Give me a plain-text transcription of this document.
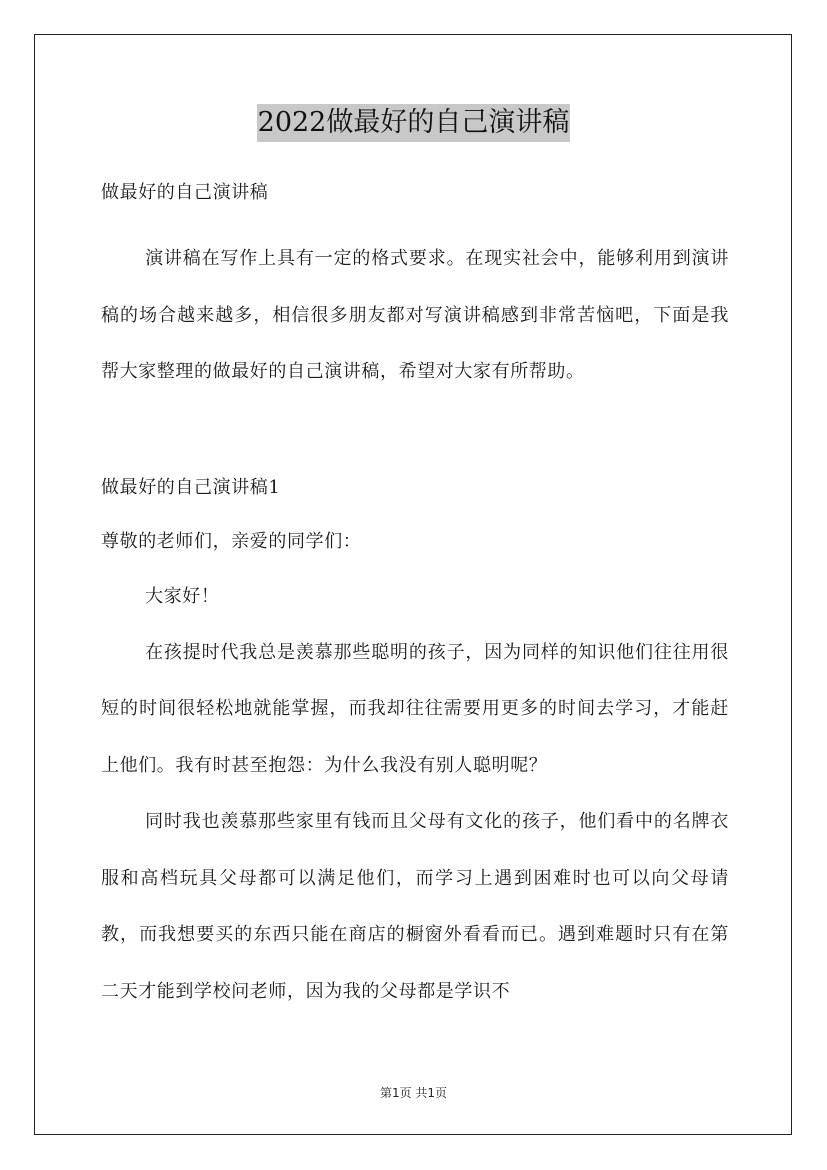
2022做最好的自己演讲稿
做最好的自己演讲稿

演讲稿在写作上具有一定的格式要求。在现实社会中，能够利用到演讲稿的场合越来越多，相信很多朋友都对写演讲稿感到非常苦恼吧，下面是我帮大家整理的做最好的自己演讲稿，希望对大家有所帮助。

做最好的自己演讲稿1

尊敬的老师们，亲爱的同学们：

大家好！

在孩提时代我总是羡慕那些聪明的孩子，因为同样的知识他们往往用很短的时间很轻松地就能掌握，而我却往往需要用更多的时间去学习，才能赶上他们。我有时甚至抱怨：为什么我没有别人聪明呢？

同时我也羡慕那些家里有钱而且父母有文化的孩子，他们看中的名牌衣服和高档玩具父母都可以满足他们，而学习上遇到困难时也可以向父母请教，而我想要买的东西只能在商店的橱窗外看看而已。遇到难题时只有在第二天才能到学校问老师，因为我的父母都是学识不

第1页 共1页
